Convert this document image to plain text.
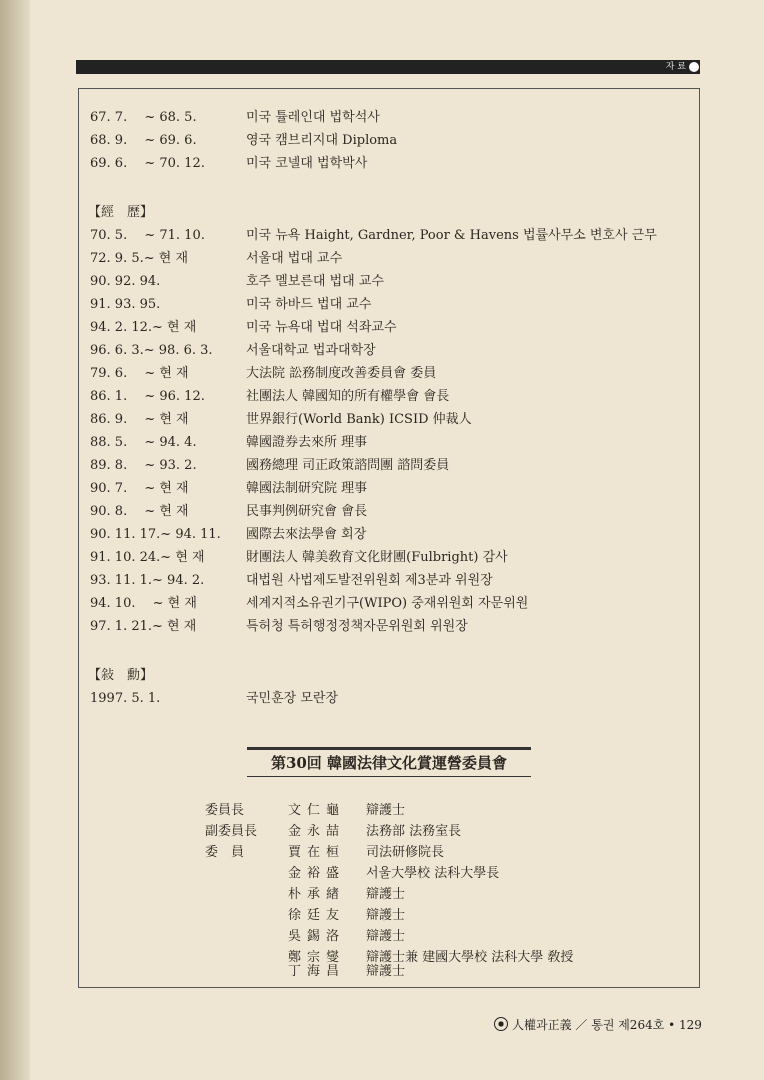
자 료
67. 7.　 ~ 68. 5.	미국 튤레인대 법학석사
68. 9.　 ~ 69. 6.	영국 캠브리지대 Diploma
69. 6.　 ~ 70. 12.	미국 코넬대 법학박사
【經　歷】
70. 5.　 ~ 71. 10.	미국 뉴욕 Haight, Gardner, Poor & Havens 법률사무소 변호사 근무
72. 9. 5.~ 현 재	서울대 법대 교수
90. 92. 94.	호주 멜보른대 법대 교수
91. 93. 95.	미국 하바드 법대 교수
94. 2. 12.~ 현 재	미국 뉴욕대 법대 석좌교수
96. 6. 3.~ 98. 6. 3.	서울대학교 법과대학장
79. 6.　 ~ 현 재	大法院 訟務制度改善委員會 委員
86. 1.　 ~ 96. 12.	社團法人 韓國知的所有權學會 會長
86. 9.　 ~ 현 재	世界銀行(World Bank) ICSID 仲裁人
88. 5.　 ~ 94. 4.	韓國證券去來所 理事
89. 8.　 ~ 93. 2.	國務總理 司正政策諮問團 諮問委員
90. 7.　 ~ 현 재	韓國法制研究院 理事
90. 8.　 ~ 현 재	民事判例研究會 會長
90. 11. 17.~ 94. 11. 國際去來法學會 회장
91. 10. 24.~ 현 재	財團法人 韓美敎育文化財團(Fulbright) 감사
93. 11. 1.~ 94. 2.	대법원 사법제도발전위원회 제3분과 위원장
94. 10.　 ~ 현 재	세계지적소유권기구(WIPO) 중재위원회 자문위원
97. 1. 21.~ 현 재	특허청 특허행정정책자문위원회 위원장
【敍　勳】
1997. 5. 1.	국민훈장 모란장
第30回 韓國法律文化賞運營委員會
委員長	文仁龜 辯護士
副委員長 金永喆 法務部 法務室長
委　員	賈在桓 司法研修院長
金裕盛 서울大學校 法科大學長
朴承緖 辯護士
徐廷友 辯護士
吳錫洛 辯護士
鄭宗燮 辯護士兼 建國大學校 法科大學 敎授
丁海昌 辯護士
人權과正義 ／ 통권 제264호 • 129
